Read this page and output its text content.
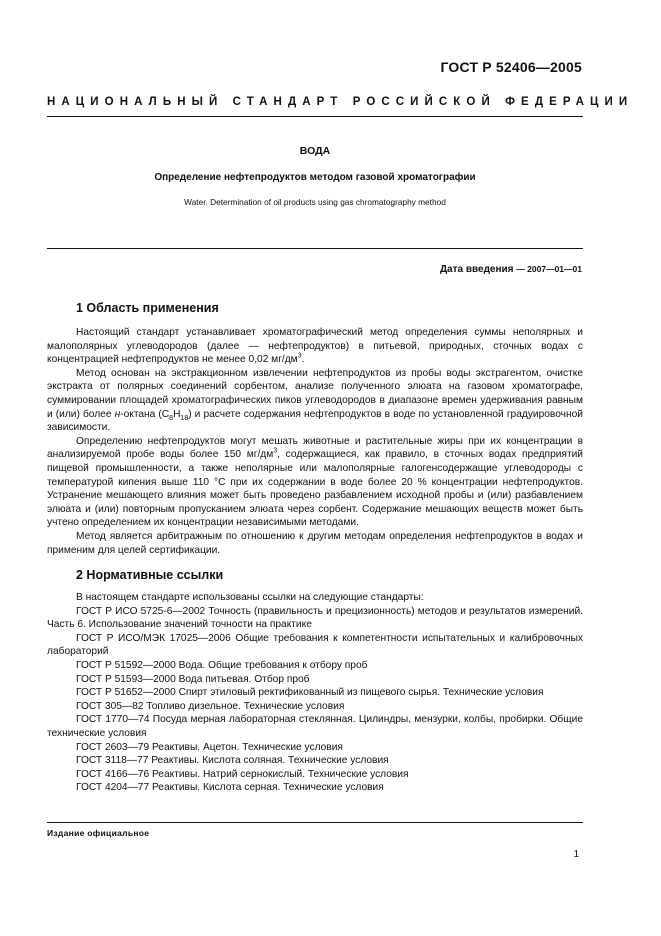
ГОСТ Р 52406—2005
НАЦИОНАЛЬНЫЙ СТАНДАРТ РОССИЙСКОЙ ФЕДЕРАЦИИ
ВОДА
Определение нефтепродуктов методом газовой хроматографии
Water. Determination of oil products using gas chromatography method
Дата введения — 2007—01—01
1 Область применения

Настоящий стандарт устанавливает хроматографический метод определения суммы неполярных и малополярных углеводородов (далее — нефтепродуктов) в питьевой, природных, сточных водах с концентрацией нефтепродуктов не менее 0,02 $мг/дм^3$.

Метод основан на экстракционном извлечении нефтепродуктов из пробы воды экстрагентом, очистке экстракта от полярных соединений сорбентом, анализе полученного элюата на газовом хроматографе, суммировании площадей хроматографических пиков углеводородов в диапазоне времен удерживания равным и (или) более н-октана $(C_8H_{18})$ и расчете содержания нефтепродуктов в воде по установленной градуировочной зависимости.

Определению нефтепродуктов могут мешать животные и растительные жиры при их концентрации в анализируемой пробе воды более 150 $мг/дм^3$, содержащиеся, как правило, в сточных водах предприятий пищевой промышленности, а также неполярные или малополярные галогенсодержащие углеводороды с температурой кипения выше 110 °С при их содержании в воде более 20 % концентрации нефтепродуктов. Устранение мешающего влияния может быть проведено разбавлением исходной пробы и (или) разбавлением элюата и (или) повторным пропусканием элюата через сорбент. Содержание мешающих веществ может быть учтено определением их концентрации независимыми методами.

Метод является арбитражным по отношению к другим методам определения нефтепродуктов в водах и применим для целей сертификации.

2 Нормативные ссылки

В настоящем стандарте использованы ссылки на следующие стандарты:

ГОСТ Р ИСО 5725-6—2002 Точность (правильность и прецизионность) методов и результатов измерений. Часть 6. Использование значений точности на практике

ГОСТ Р ИСО/МЭК 17025—2006 Общие требования к компетентности испытательных и калибровочных лабораторий

ГОСТ Р 51592—2000 Вода. Общие требования к отбору проб

ГОСТ Р 51593—2000 Вода питьевая. Отбор проб

ГОСТ Р 51652—2000 Спирт этиловый ректификованный из пищевого сырья. Технические условия

ГОСТ 305—82 Топливо дизельное. Технические условия

ГОСТ 1770—74 Посуда мерная лабораторная стеклянная. Цилиндры, мензурки, колбы, пробирки. Общие технические условия

ГОСТ 2603—79 Реактивы. Ацетон. Технические условия

ГОСТ 3118—77 Реактивы. Кислота соляная. Технические условия

ГОСТ 4166—76 Реактивы. Натрий сернокислый. Технические условия

ГОСТ 4204—77 Реактивы. Кислота серная. Технические условия

Издание официальное
1
